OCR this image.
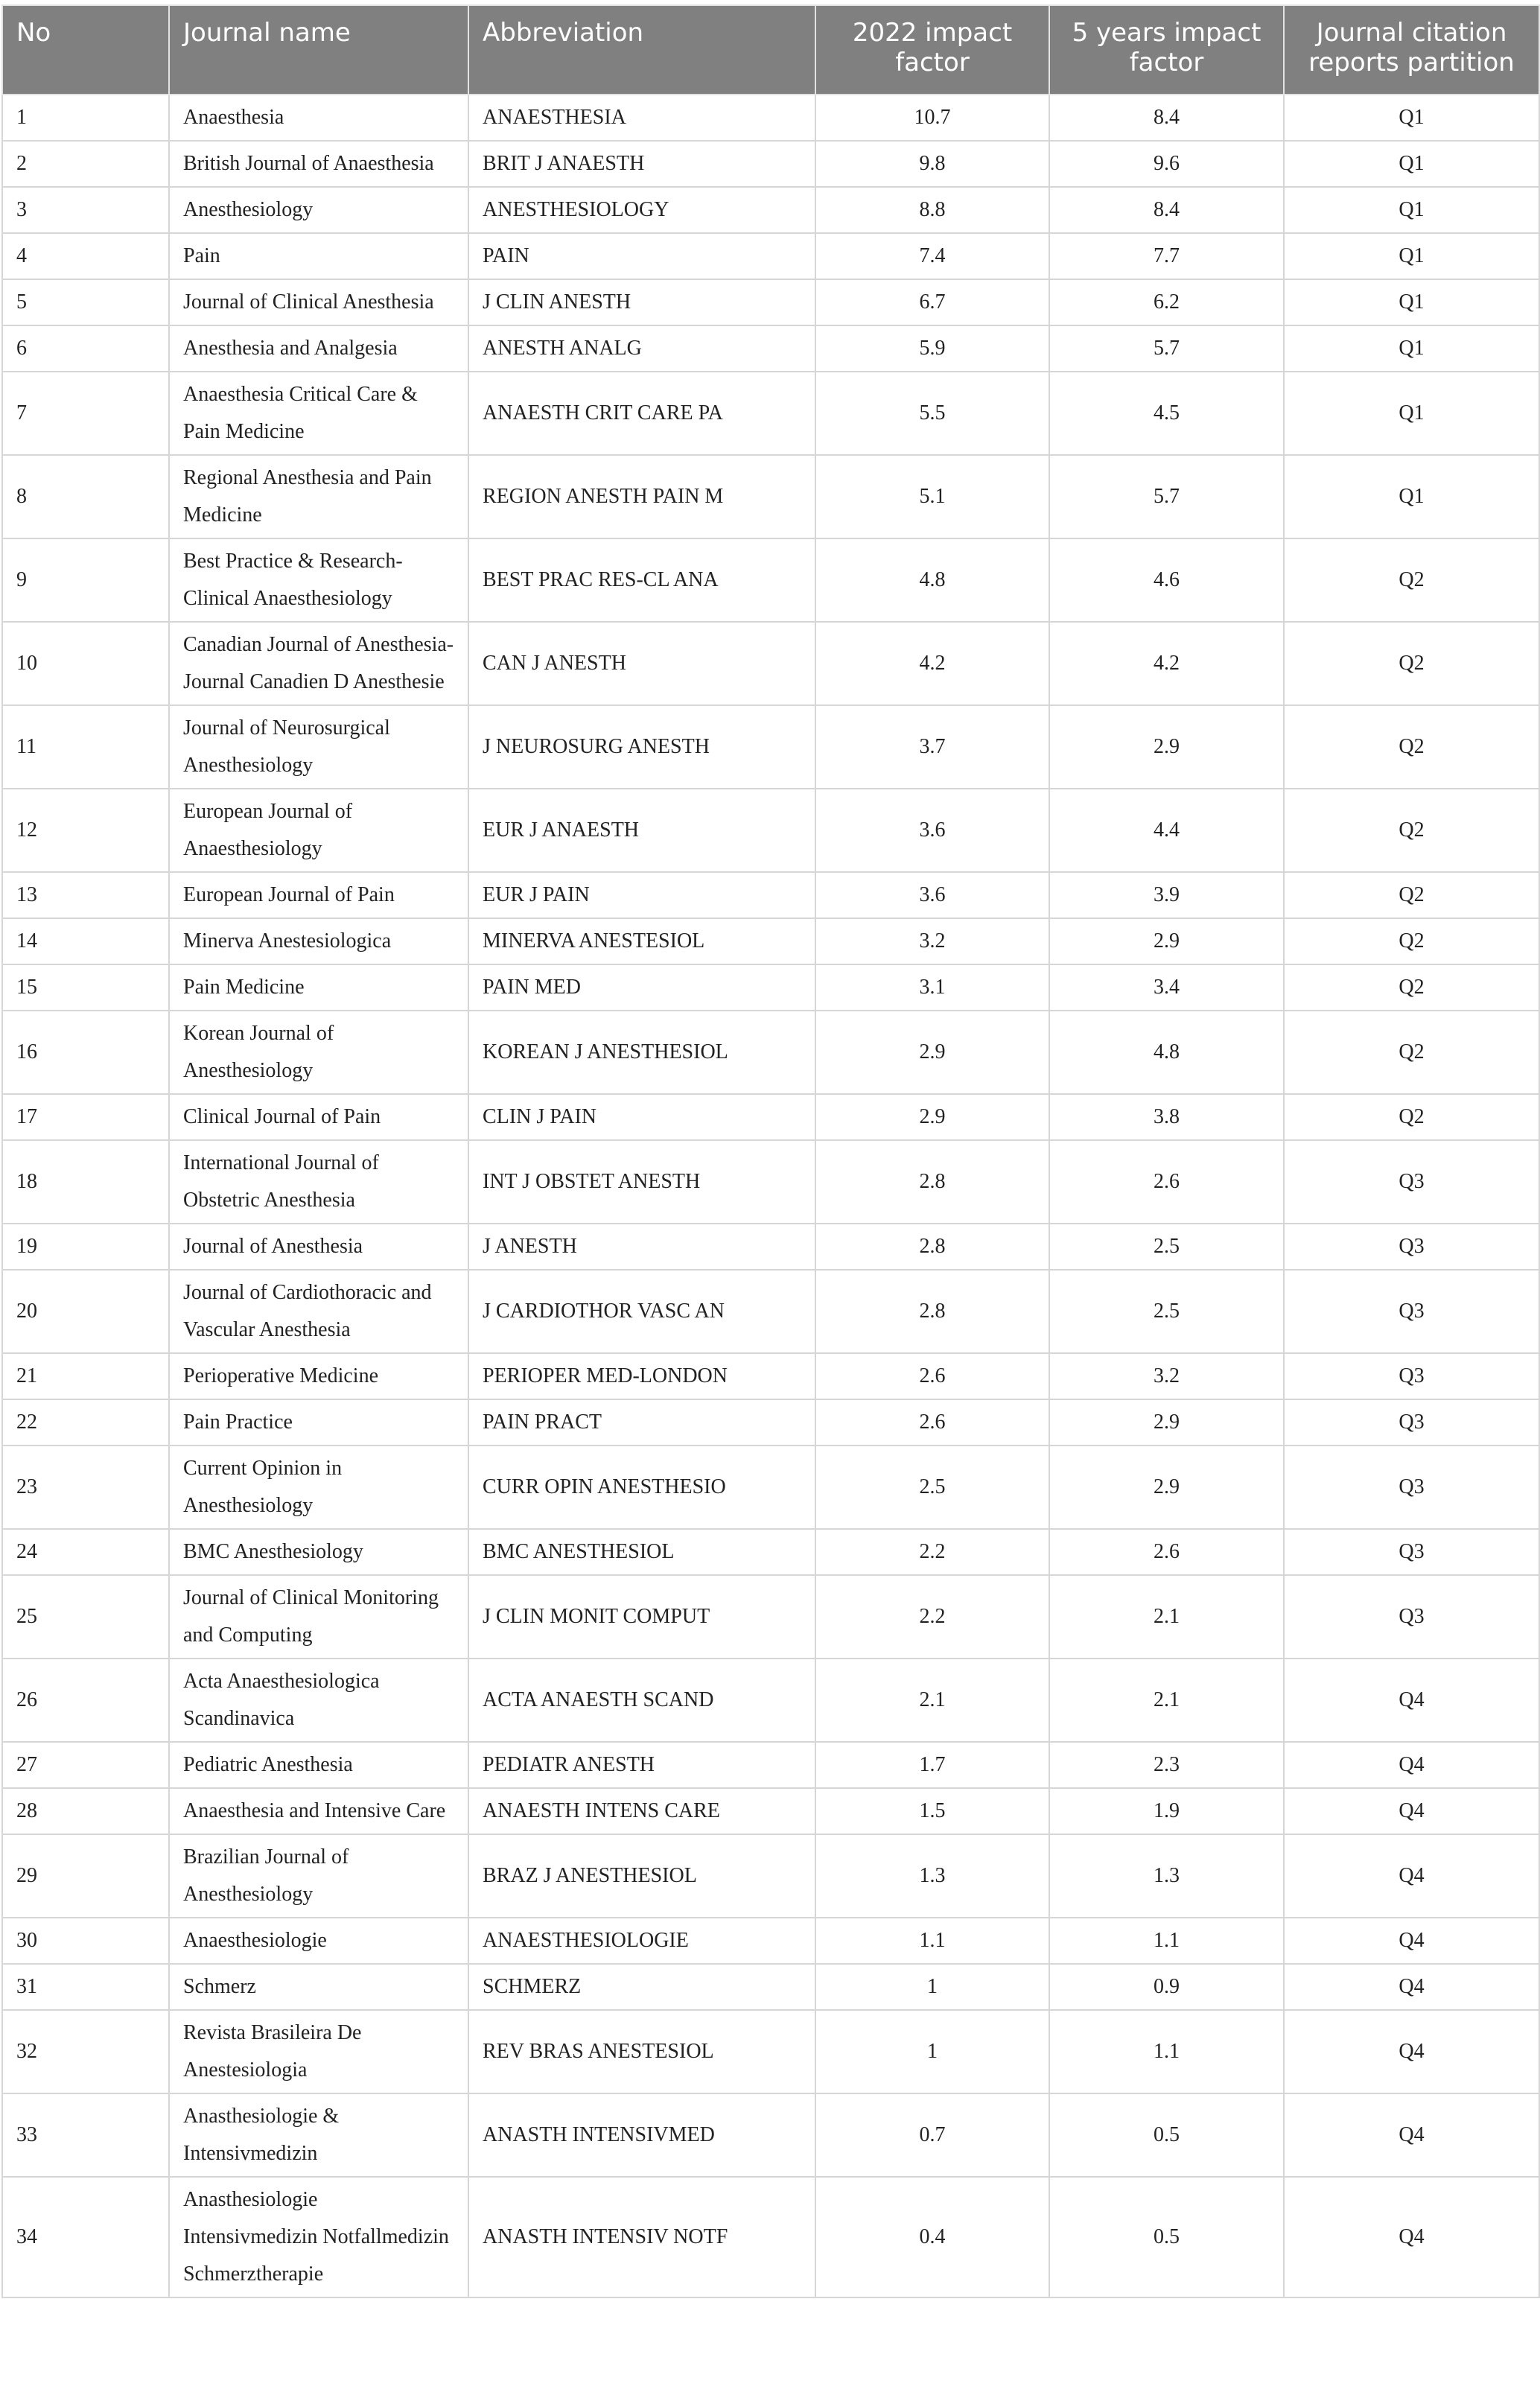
No	Journal name	Abbreviation	2022 impact factor	5 years impact factor	Journal citation reports partition
1	Anaesthesia	ANAESTHESIA	10.7	8.4	Q1
2	British Journal of Anaesthesia	BRIT J ANAESTH	9.8	9.6	Q1
3	Anesthesiology	ANESTHESIOLOGY	8.8	8.4	Q1
4	Pain	PAIN	7.4	7.7	Q1
5	Journal of Clinical Anesthesia	J CLIN ANESTH	6.7	6.2	Q1
6	Anesthesia and Analgesia	ANESTH ANALG	5.9	5.7	Q1
7	Anaesthesia Critical Care & Pain Medicine	ANAESTH CRIT CARE PA	5.5	4.5	Q1
8	Regional Anesthesia and Pain Medicine	REGION ANESTH PAIN M	5.1	5.7	Q1
9	Best Practice & Research-Clinical Anaesthesiology	BEST PRAC RES-CL ANA	4.8	4.6	Q2
10	Canadian Journal of Anesthesia-Journal Canadien D Anesthesie	CAN J ANESTH	4.2	4.2	Q2
11	Journal of Neurosurgical Anesthesiology	J NEUROSURG ANESTH	3.7	2.9	Q2
12	European Journal of Anaesthesiology	EUR J ANAESTH	3.6	4.4	Q2
13	European Journal of Pain	EUR J PAIN	3.6	3.9	Q2
14	Minerva Anestesiologica	MINERVA ANESTESIOL	3.2	2.9	Q2
15	Pain Medicine	PAIN MED	3.1	3.4	Q2
16	Korean Journal of Anesthesiology	KOREAN J ANESTHESIOL	2.9	4.8	Q2
17	Clinical Journal of Pain	CLIN J PAIN	2.9	3.8	Q2
18	International Journal of Obstetric Anesthesia	INT J OBSTET ANESTH	2.8	2.6	Q3
19	Journal of Anesthesia	J ANESTH	2.8	2.5	Q3
20	Journal of Cardiothoracic and Vascular Anesthesia	J CARDIOTHOR VASC AN	2.8	2.5	Q3
21	Perioperative Medicine	PERIOPER MED-LONDON	2.6	3.2	Q3
22	Pain Practice	PAIN PRACT	2.6	2.9	Q3
23	Current Opinion in Anesthesiology	CURR OPIN ANESTHESIO	2.5	2.9	Q3
24	BMC Anesthesiology	BMC ANESTHESIOL	2.2	2.6	Q3
25	Journal of Clinical Monitoring and Computing	J CLIN MONIT COMPUT	2.2	2.1	Q3
26	Acta Anaesthesiologica Scandinavica	ACTA ANAESTH SCAND	2.1	2.1	Q4
27	Pediatric Anesthesia	PEDIATR ANESTH	1.7	2.3	Q4
28	Anaesthesia and Intensive Care	ANAESTH INTENS CARE	1.5	1.9	Q4
29	Brazilian Journal of Anesthesiology	BRAZ J ANESTHESIOL	1.3	1.3	Q4
30	Anaesthesiologie	ANAESTHESIOLOGIE	1.1	1.1	Q4
31	Schmerz	SCHMERZ	1	0.9	Q4
32	Revista Brasileira De Anestesiologia	REV BRAS ANESTESIOL	1	1.1	Q4
33	Anasthesiologie & Intensivmedizin	ANASTH INTENSIVMED	0.7	0.5	Q4
34	Anasthesiologie Intensivmedizin Notfallmedizin Schmerztherapie	ANASTH INTENSIV NOTF	0.4	0.5	Q4
